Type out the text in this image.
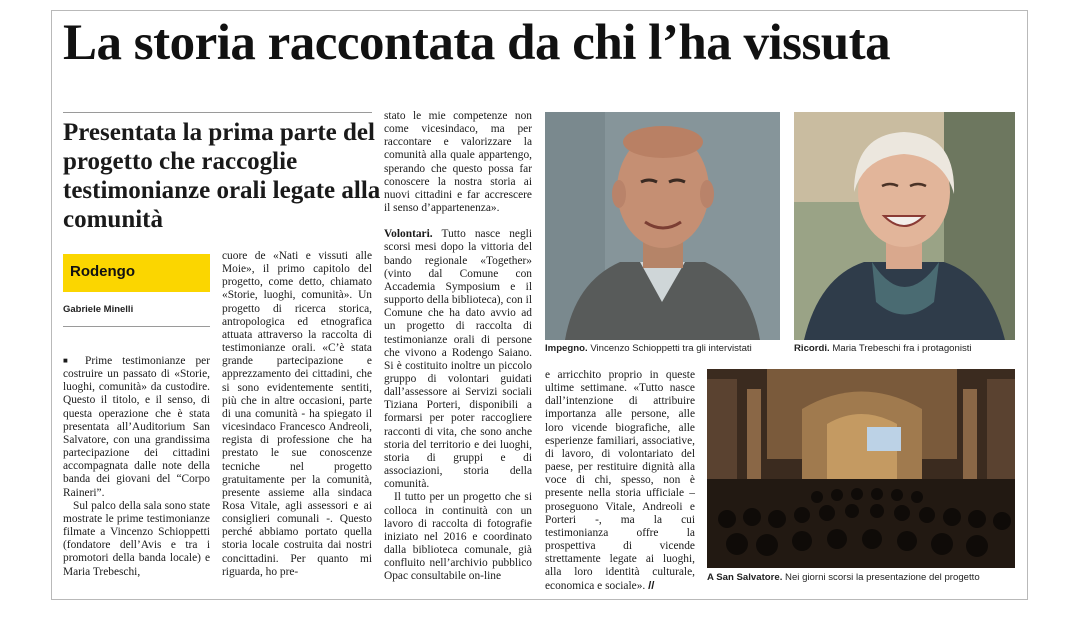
La storia raccontata da chi l’ha vissuta
Presentata la prima parte del progetto che raccoglie testimonianze orali legate alla comunità
Rodengo
Gabriele Minelli

■ Prime testimonianze per costruire un passato di «Storie, luoghi, comunità» da custodire. Questo il titolo, e il senso, di questa operazione che è stata presentata all’Auditorium San Salvatore, con una grandissima partecipazione dei cittadini accompagnata dalle note della banda dei giovani del “Corpo Raineri”.

Sul palco della sala sono state mostrate le prime testimonianze filmate a Vincenzo Schioppetti (fondatore dell’Avis e tra i promotori della banda locale) e Maria Trebeschi,

cuore de «Nati e vissuti alle Moie», il primo capitolo del progetto, come detto, chiamato «Storie, luoghi, comunità». Un progetto di ricerca storica, antropologica ed etnografica attuata attraverso la raccolta di testimonianze orali. «C’è stata grande partecipazione e apprezzamento dei cittadini, che si sono evidentemente sentiti, più che in altre occasioni, parte di una comunità - ha spiegato il vicesindaco Francesco Andreoli, regista di professione che ha prestato le sue conoscenze tecniche nel progetto gratuitamente per la comunità, presente assieme alla sindaca Rosa Vitale, agli assessori e ai consiglieri comunali -. Questo perché abbiamo portato quella storia locale costruita dai nostri concittadini. Per quanto mi riguarda, ho pre-

stato le mie competenze non come vicesindaco, ma per raccontare e valorizzare la comunità alla quale appartengo, sperando che questo possa far conoscere la nostra storia ai nuovi cittadini e far accrescere il senso d’appartenenza».

Volontari. Tutto nasce negli scorsi mesi dopo la vittoria del bando regionale «Together» (vinto dal Comune con Accademia Symposium e il supporto della biblioteca), con il Comune che ha dato avvio ad un progetto di raccolta di testimonianze orali di persone che vivono a Rodengo Saiano. Si è costituito inoltre un piccolo gruppo di volontari guidati dall’assessore ai Servizi sociali Tiziana Porteri, disponibili a formarsi per poter raccogliere racconti di vita, che sono anche storia del territorio e dei luoghi, storia di gruppi e di associazioni, storia della comunità.

Il tutto per un progetto che si colloca in continuità con un lavoro di raccolta di fotografie iniziato nel 2016 e coordinato dalla biblioteca comunale, già confluito nell’archivio pubblico Opac consultabile on-line

e arricchito proprio in queste ultime settimane. «Tutto nasce dall’intenzione di attribuire importanza alle persone, alle loro vicende biografiche, alle esperienze familiari, associative, di lavoro, di volontariato del paese, per restituire dignità alla voce di chi, spesso, non è presente nella storia ufficiale – proseguono Vitale, Andreoli e Porteri -, ma la cui testimonianza offre la prospettiva di vicende strettamente legate ai luoghi, alla loro identità culturale, economica e sociale». //

Impegno. Vincenzo Schioppetti tra gli intervistati	Ricordi. Maria Trebeschi fra i protagonisti
A San Salvatore. Nei giorni scorsi la presentazione del progetto
